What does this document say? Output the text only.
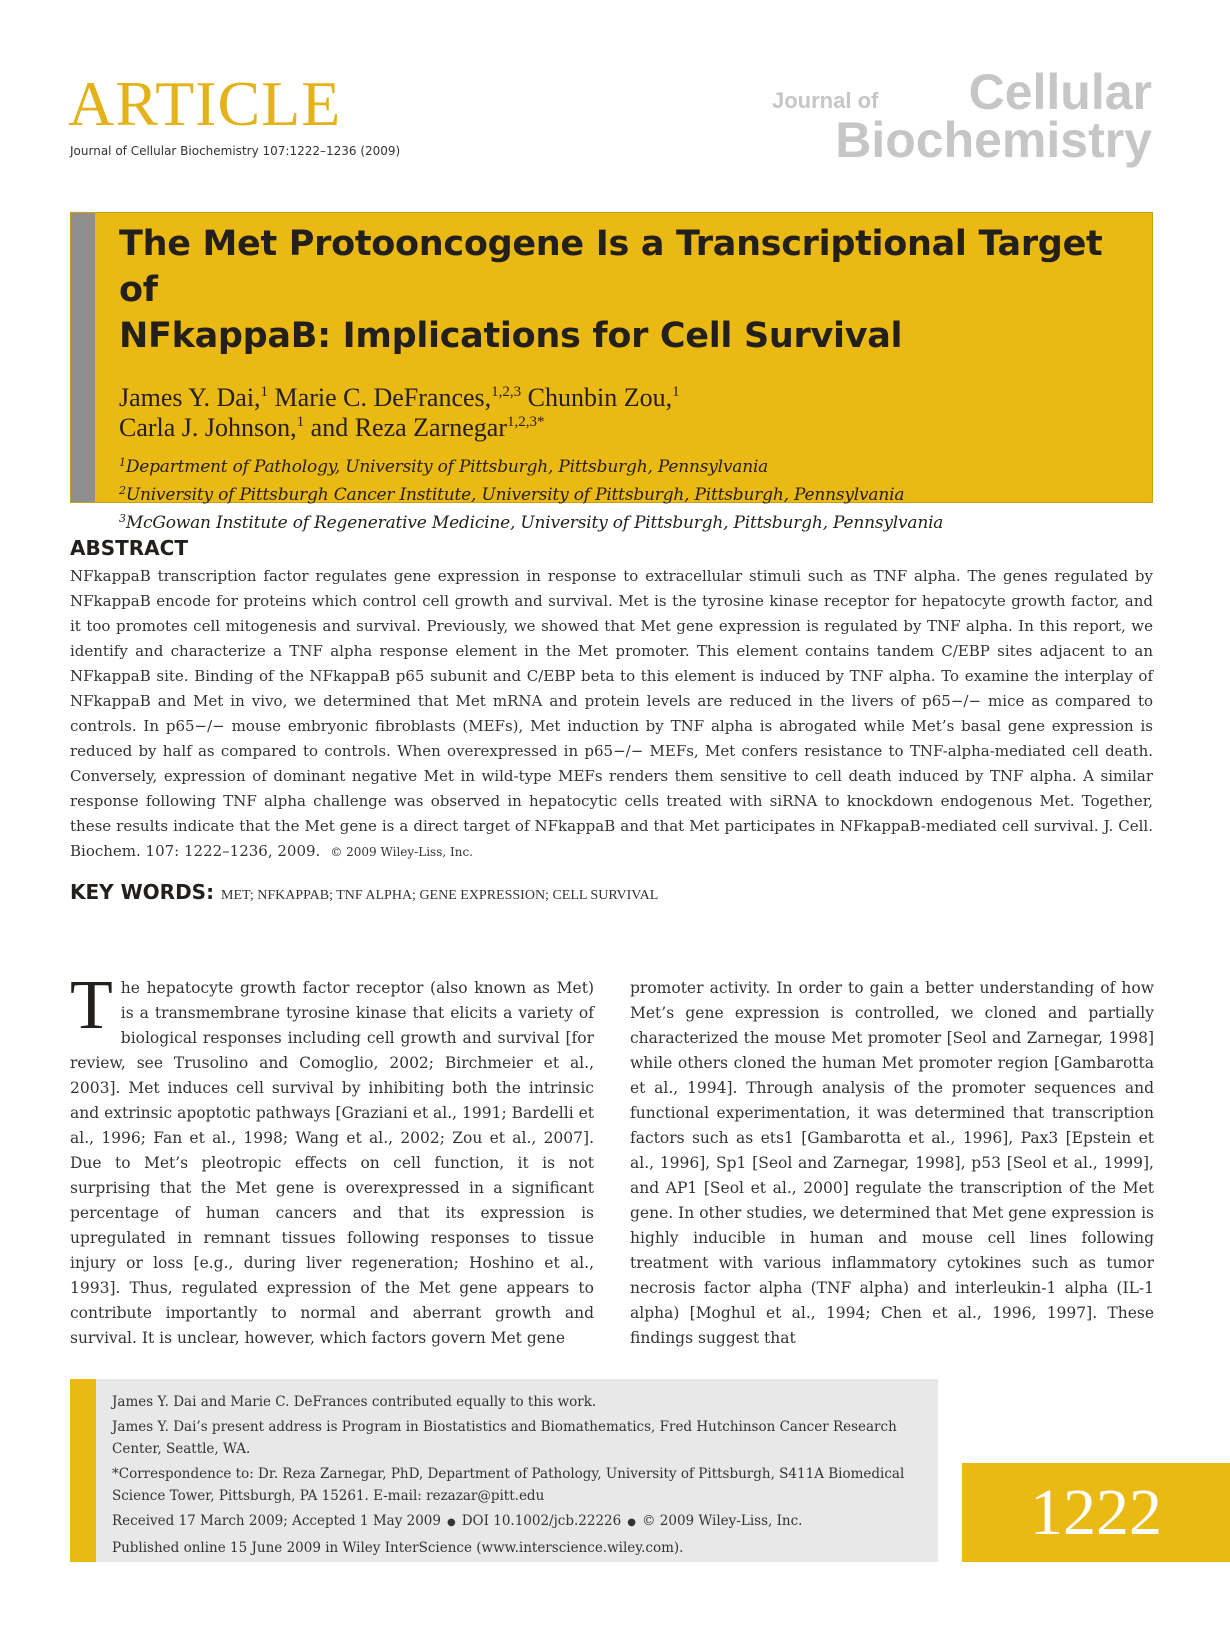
ARTICLE
Journal of Cellular Biochemistry 107:1222–1236 (2009)
Journal of Cellular
Biochemistry
The Met Protooncogene Is a Transcriptional Target of
NFkappaB: Implications for Cell Survival
James Y. Dai,$^1$ Marie C. DeFrances,$^{1,2,3}$ Chunbin Zou,$^1$
Carla J. Johnson,$^1$ and Reza Zarnegar$^{1,2,3*}$
$^1$Department of Pathology, University of Pittsburgh, Pittsburgh, Pennsylvania
$^2$University of Pittsburgh Cancer Institute, University of Pittsburgh, Pittsburgh, Pennsylvania
$^3$McGowan Institute of Regenerative Medicine, University of Pittsburgh, Pittsburgh, Pennsylvania
ABSTRACT

NFkappaB transcription factor regulates gene expression in response to extracellular stimuli such as TNF alpha. The genes regulated by NFkappaB encode for proteins which control cell growth and survival. Met is the tyrosine kinase receptor for hepatocyte growth factor, and it too promotes cell mitogenesis and survival. Previously, we showed that Met gene expression is regulated by TNF alpha. In this report, we identify and characterize a TNF alpha response element in the Met promoter. This element contains tandem C/EBP sites adjacent to an NFkappaB site. Binding of the NFkappaB p65 subunit and C/EBP beta to this element is induced by TNF alpha. To examine the interplay of NFkappaB and Met in vivo, we determined that Met mRNA and protein levels are reduced in the livers of p65−/− mice as compared to controls. In p65−/− mouse embryonic fibroblasts (MEFs), Met induction by TNF alpha is abrogated while Met’s basal gene expression is reduced by half as compared to controls. When overexpressed in p65−/− MEFs, Met confers resistance to TNF-alpha-mediated cell death. Conversely, expression of dominant negative Met in wild-type MEFs renders them sensitive to cell death induced by TNF alpha. A similar response following TNF alpha challenge was observed in hepatocytic cells treated with siRNA to knockdown endogenous Met. Together, these results indicate that the Met gene is a direct target of NFkappaB and that Met participates in NFkappaB-mediated cell survival. J. Cell. Biochem. 107: 1222–1236, 2009. © 2009 Wiley-Liss, Inc.

KEY WORDS: MET; NFKAPPAB; TNF ALPHA; GENE EXPRESSION; CELL SURVIVAL
T he hepatocyte growth factor receptor (also known as Met) is a transmembrane tyrosine kinase that elicits a variety of biological responses including cell growth and survival [for review, see Trusolino and Comoglio, 2002; Birchmeier et al., 2003]. Met induces cell survival by inhibiting both the intrinsic and extrinsic apoptotic pathways [Graziani et al., 1991; Bardelli et al., 1996; Fan et al., 1998; Wang et al., 2002; Zou et al., 2007]. Due to Met’s pleotropic effects on cell function, it is not surprising that the Met gene is overexpressed in a significant percentage of human cancers and that its expression is upregulated in remnant tissues following responses to tissue injury or loss [e.g., during liver regeneration; Hoshino et al., 1993]. Thus, regulated expression of the Met gene appears to contribute importantly to normal and aberrant growth and survival. It is unclear, however, which factors govern Met gene
promoter activity. In order to gain a better understanding of how Met’s gene expression is controlled, we cloned and partially characterized the mouse Met promoter [Seol and Zarnegar, 1998] while others cloned the human Met promoter region [Gambarotta et al., 1994]. Through analysis of the promoter sequences and functional experimentation, it was determined that transcription factors such as ets1 [Gambarotta et al., 1996], Pax3 [Epstein et al., 1996], Sp1 [Seol and Zarnegar, 1998], p53 [Seol et al., 1999], and AP1 [Seol et al., 2000] regulate the transcription of the Met gene. In other studies, we determined that Met gene expression is highly inducible in human and mouse cell lines following treatment with various inflammatory cytokines such as tumor necrosis factor alpha (TNF alpha) and interleukin-1 alpha (IL-1 alpha) [Moghul et al., 1994; Chen et al., 1996, 1997]. These findings suggest that

James Y. Dai and Marie C. DeFrances contributed equally to this work.

James Y. Dai’s present address is Program in Biostatistics and Biomathematics, Fred Hutchinson Cancer Research Center, Seattle, WA.

*Correspondence to: Dr. Reza Zarnegar, PhD, Department of Pathology, University of Pittsburgh, S411A Biomedical Science Tower, Pittsburgh, PA 15261. E-mail: rezazar@pitt.edu

Received 17 March 2009; Accepted 1 May 2009 ● DOI 10.1002/jcb.22226 ● © 2009 Wiley-Liss, Inc.

Published online 15 June 2009 in Wiley InterScience (www.interscience.wiley.com).	1222
